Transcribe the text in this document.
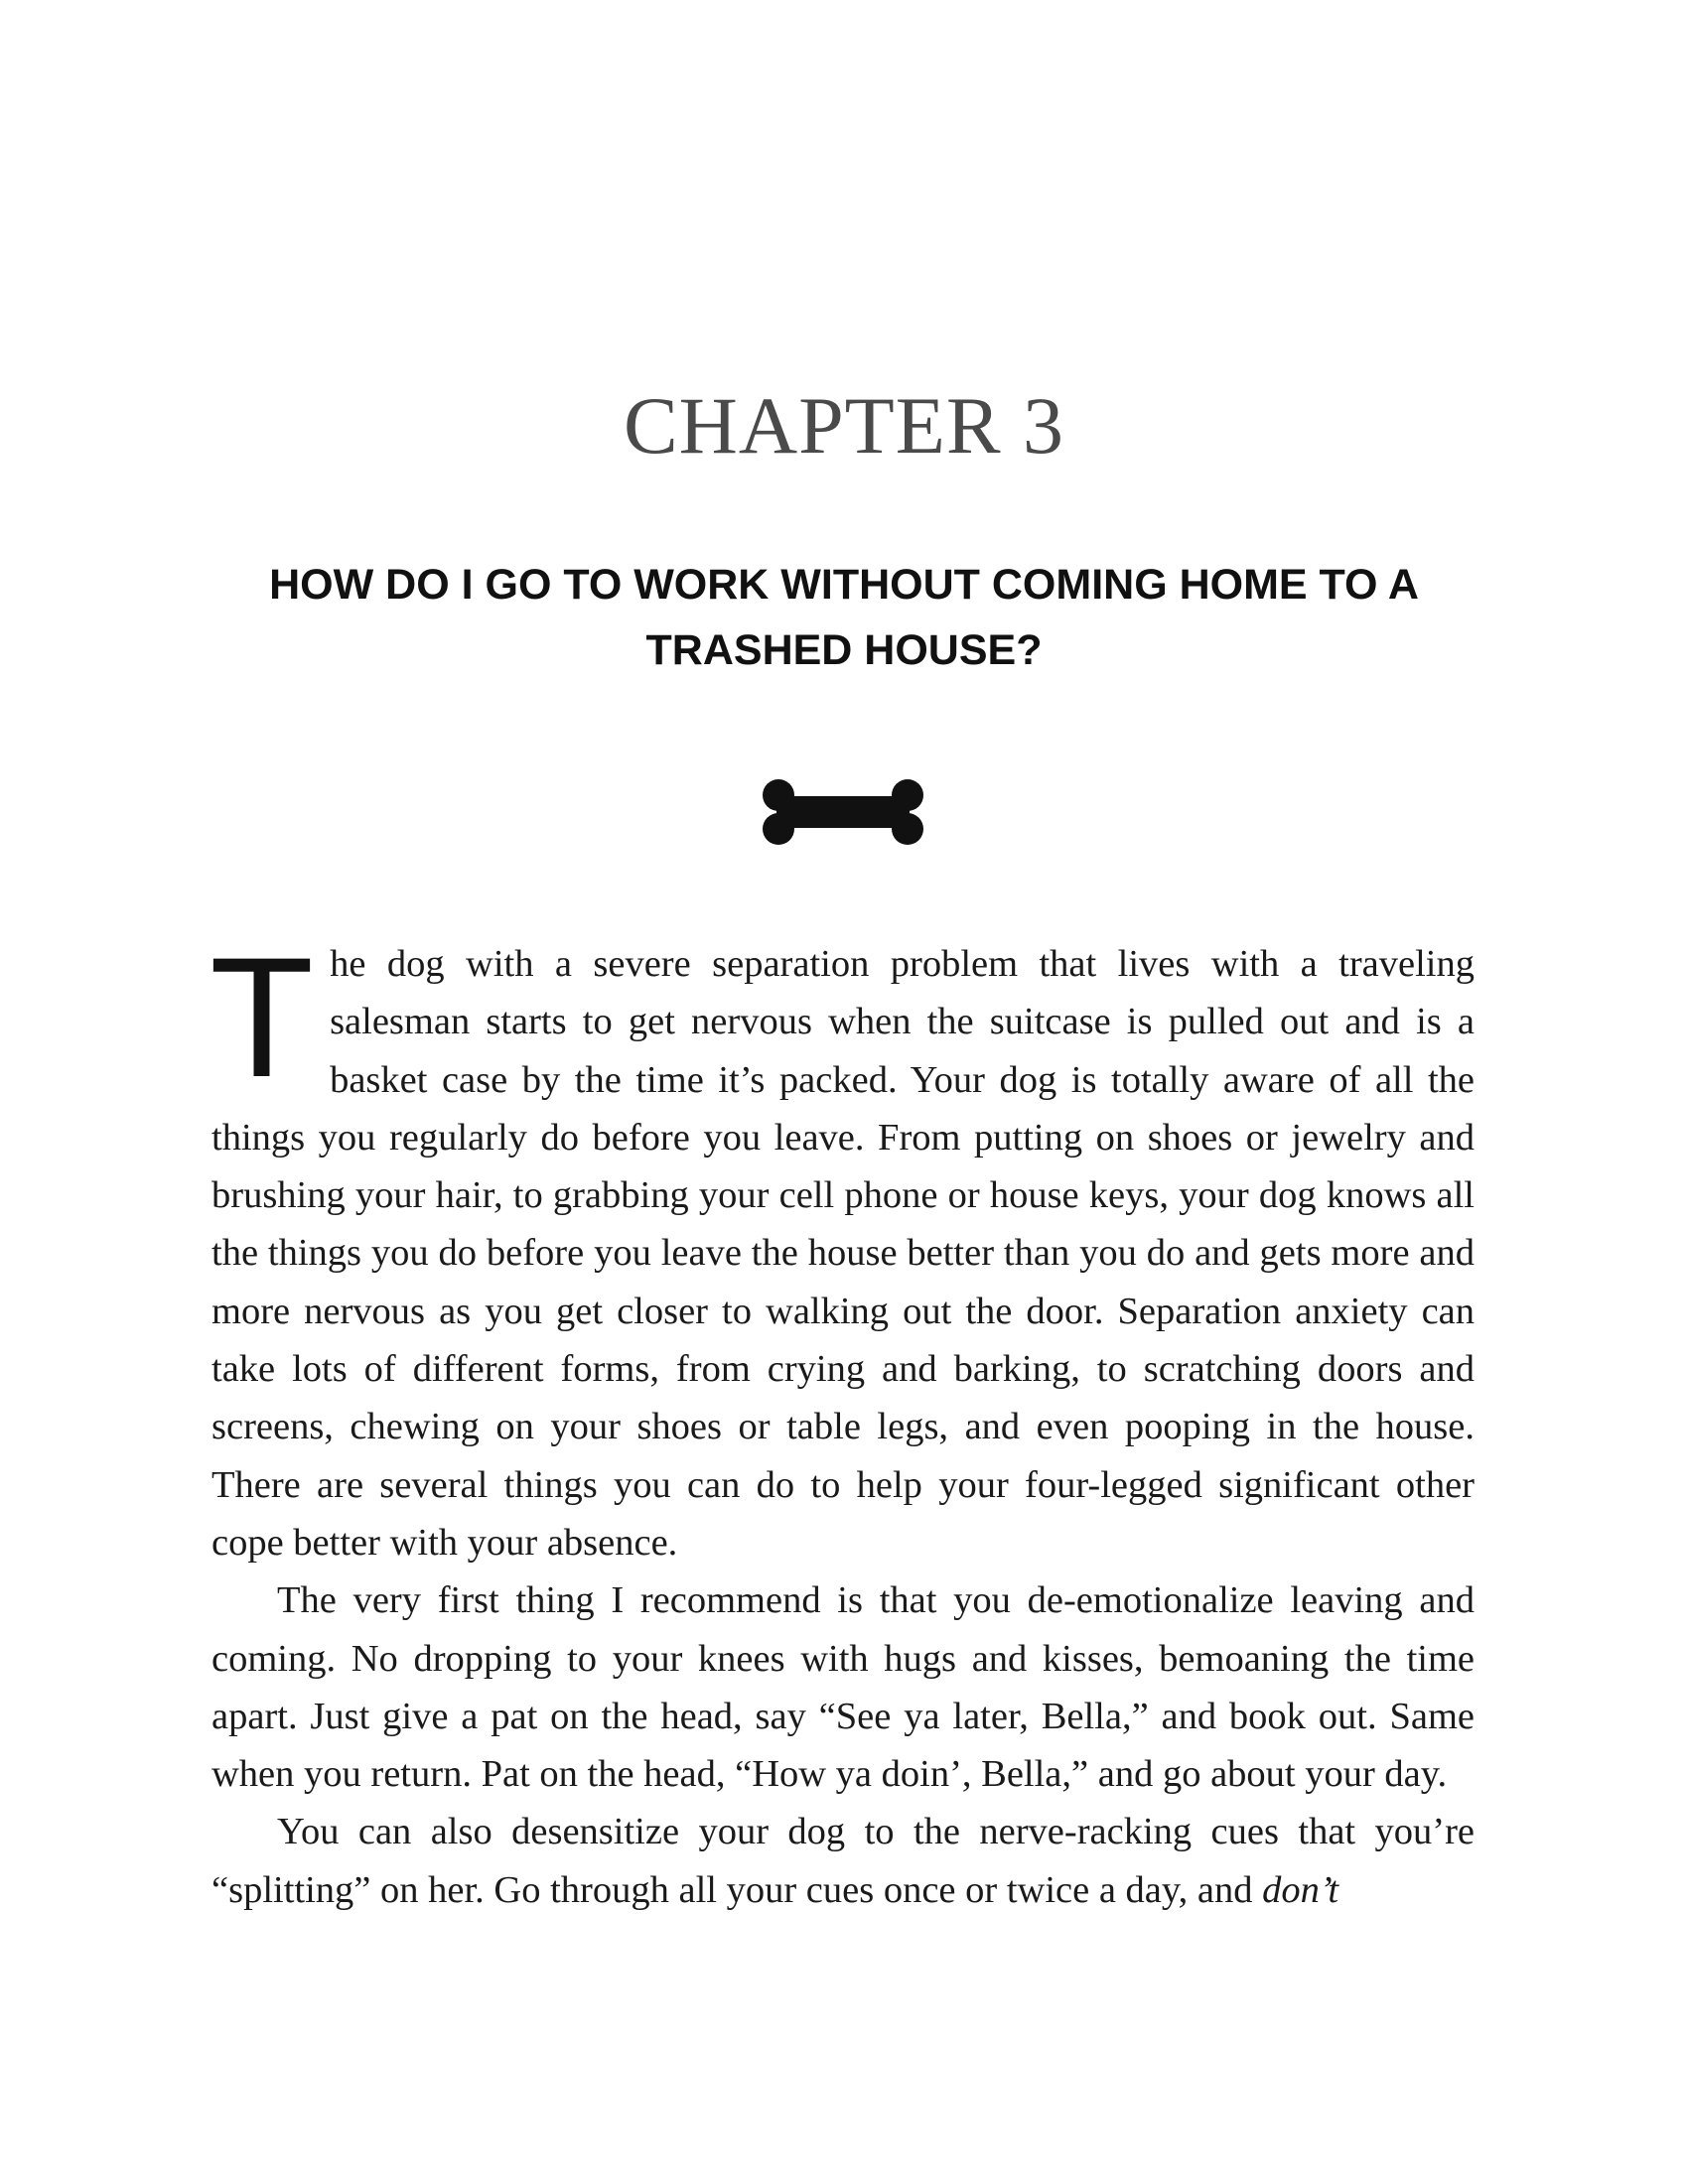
CHAPTER 3
HOW DO I GO TO WORK WITHOUT COMING HOME TO A TRASHED HOUSE?

The dog with a severe separation problem that lives with a traveling salesman starts to get nervous when the suitcase is pulled out and is a basket case by the time it’s packed. Your dog is totally aware of all the things you regularly do before you leave. From putting on shoes or jewelry and brushing your hair, to grabbing your cell phone or house keys, your dog knows all the things you do before you leave the house better than you do and gets more and more nervous as you get closer to walking out the door. Separation anxiety can take lots of different forms, from crying and barking, to scratching doors and screens, chewing on your shoes or table legs, and even pooping in the house. There are several things you can do to help your four-legged significant other cope better with your absence.

The very first thing I recommend is that you de-emotionalize leaving and coming. No dropping to your knees with hugs and kisses, bemoaning the time apart. Just give a pat on the head, say “See ya later, Bella,” and book out. Same when you return. Pat on the head, “How ya doin’, Bella,” and go about your day.

You can also desensitize your dog to the nerve-racking cues that you’re “splitting” on her. Go through all your cues once or twice a day, and don’t
